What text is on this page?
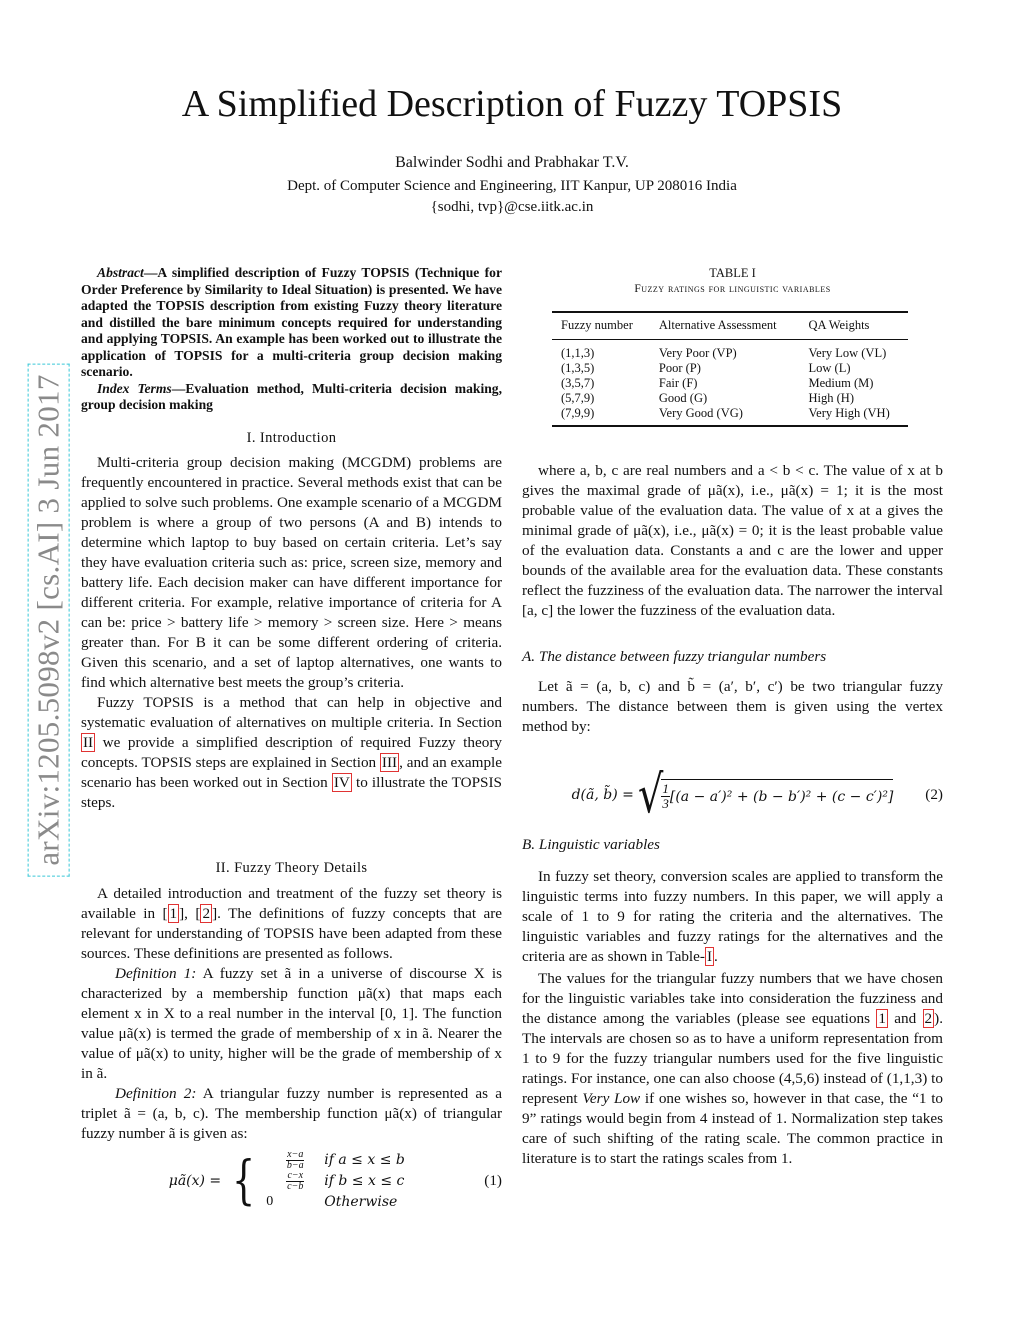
arXiv:1205.5098v2 [cs.AI] 3 Jun 2017
A Simplified Description of Fuzzy TOPSIS
Balwinder Sodhi and Prabhakar T.V.
Dept. of Computer Science and Engineering, IIT Kanpur, UP 208016 India
{sodhi, tvp}@cse.iitk.ac.in

Abstract—A simplified description of Fuzzy TOPSIS (Technique for Order Preference by Similarity to Ideal Situation) is presented. We have adapted the TOPSIS description from existing Fuzzy theory literature and distilled the bare minimum concepts required for understanding and applying TOPSIS. An example has been worked out to illustrate the application of TOPSIS for a multi-criteria group decision making scenario.

Index Terms—Evaluation method, Multi-criteria decision making, group decision making

I. Introduction

Multi-criteria group decision making (MCGDM) problems are frequently encountered in practice. Several methods exist that can be applied to solve such problems. One example scenario of a MCGDM problem is where a group of two persons (A and B) intends to determine which laptop to buy based on certain criteria. Let’s say they have evaluation criteria such as: price, screen size, memory and battery life. Each decision maker can have different importance for different criteria. For example, relative importance of criteria for A can be: price > battery life > memory > screen size. Here > means greater than. For B it can be some different ordering of criteria. Given this scenario, and a set of laptop alternatives, one wants to find which alternative best meets the group’s criteria.

Fuzzy TOPSIS is a method that can help in objective and systematic evaluation of alternatives on multiple criteria. In Section II we provide a simplified description of required Fuzzy theory concepts. TOPSIS steps are explained in Section III , and an example scenario has been worked out in Section IV to illustrate the TOPSIS steps.

II. Fuzzy Theory Details

A detailed introduction and treatment of the fuzzy set theory is available in [ 1 ], [ 2 ]. The definitions of fuzzy concepts that are relevant for understanding of TOPSIS have been adapted from these sources. These definitions are presented as follows.

Definition 1: A fuzzy set ã in a universe of discourse X is characterized by a membership function μã(x) that maps each element x in X to a real number in the interval [0, 1]. The function value μã(x) is termed the grade of membership of x in ã. Nearer the value of μã(x) to unity, higher will be the grade of membership of x in ã.

Definition 2: A triangular fuzzy number is represented as a triplet ã = (a, b, c). The membership function μã(x) of triangular fuzzy number ã is given as:

μã(x) = { $\frac{x-a}{b-a}$ if a ≤ x ≤ b
$\frac{c-x}{c-b}$ if b ≤ x ≤ c
0	Otherwise
(1)
TABLE I
Fuzzy ratings for linguistic variables
Fuzzy number	Alternative Assessment	QA Weights
(1,1,3)	Very Poor (VP)	Very Low (VL)
(1,3,5)	Poor (P)	Low (L)
(3,5,7)	Fair (F)	Medium (M)
(5,7,9)	Good (G)	High (H)
(7,9,9)	Very Good (VG)	Very High (VH)

where a, b, c are real numbers and a < b < c. The value of x at b gives the maximal grade of μã(x), i.e., μã(x) = 1; it is the most probable value of the evaluation data. The value of x at a gives the minimal grade of μã(x), i.e., μã(x) = 0; it is the least probable value of the evaluation data. Constants a and c are the lower and upper bounds of the available area for the evaluation data. These constants reflect the fuzziness of the evaluation data. The narrower the interval [a, c] the lower the fuzziness of the evaluation data.

A. The distance between fuzzy triangular numbers

Let ã = (a, b, c) and b̃ = (a′, b′, c′) be two triangular fuzzy numbers. The distance between them is given using the vertex method by:

d(ã, b̃) = √
$\frac{1}{3} [(a - a')^2 + (b - b')^2 + (c - c')^2]$ (2)

B. Linguistic variables

In fuzzy set theory, conversion scales are applied to transform the linguistic terms into fuzzy numbers. In this paper, we will apply a scale of 1 to 9 for rating the criteria and the alternatives. The linguistic variables and fuzzy ratings for the alternatives and the criteria are as shown in Table- I .

The values for the triangular fuzzy numbers that we have chosen for the linguistic variables take into consideration the fuzziness and the distance among the variables (please see equations 1 and 2 ). The intervals are chosen so as to have a uniform representation from 1 to 9 for the fuzzy triangular numbers used for the five linguistic ratings. For instance, one can also choose (4,5,6) instead of (1,1,3) to represent Very Low if one wishes so, however in that case, the “1 to 9” ratings would begin from 4 instead of 1. Normalization step takes care of such shifting of the rating scale. The common practice in literature is to start the ratings scales from 1.
